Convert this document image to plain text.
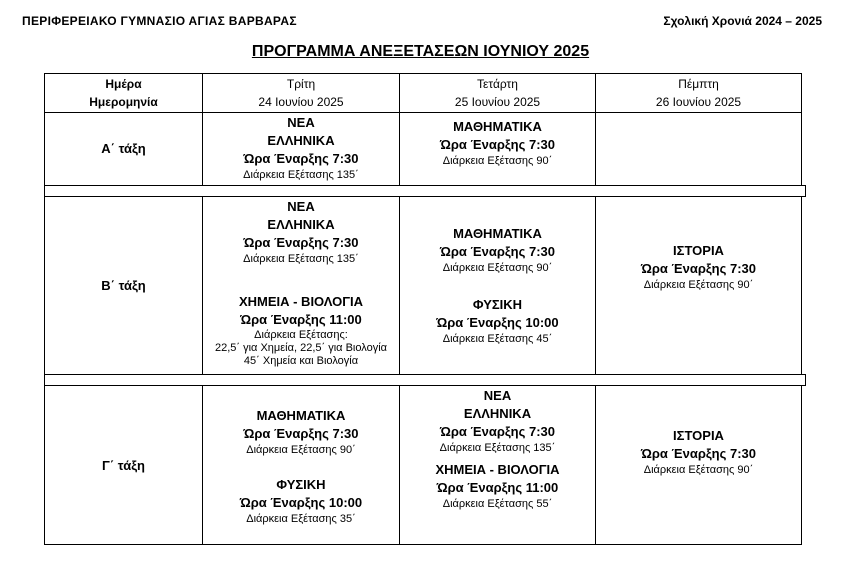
ΠΕΡΙΦΕΡΕΙΑΚΟ ΓΥΜΝΑΣΙΟ ΑΓΙΑΣ ΒΑΡΒΑΡΑΣ	Σχολική Χρονιά 2024 – 2025
ΠΡΟΓΡΑΜΜΑ ΑΝΕΞΕΤΑΣΕΩΝ ΙΟΥΝΙΟΥ 2025
Ημέρα
Ημερομηνία
Τρίτη
24 Ιουνίου 2025
Τετάρτη
25 Ιουνίου 2025
Πέμπτη
26 Ιουνίου 2025
Α΄ τάξη
ΝΕΑ
ΕΛΛΗΝΙΚΑ
Ώρα Έναρξης 7:30
Διάρκεια Εξέτασης 135΄
ΜΑΘΗΜΑΤΙΚΑ
Ώρα Έναρξης 7:30
Διάρκεια Εξέτασης 90΄
Β΄ τάξη
ΝΕΑ
ΕΛΛΗΝΙΚΑ
Ώρα Έναρξης 7:30
Διάρκεια Εξέτασης 135΄
ΧΗΜΕΙΑ - ΒΙΟΛΟΓΙΑ
Ώρα Έναρξης 11:00
Διάρκεια Εξέτασης:
22,5΄ για Χημεία, 22,5΄ για Βιολογία
45΄ Χημεία και Βιολογία
ΜΑΘΗΜΑΤΙΚΑ
Ώρα Έναρξης 7:30
Διάρκεια Εξέτασης 90΄
ΦΥΣΙΚΗ
Ώρα Έναρξης 10:00
Διάρκεια Εξέτασης 45΄
ΙΣΤΟΡΙΑ
Ώρα Έναρξης 7:30
Διάρκεια Εξέτασης 90΄
Γ΄ τάξη
ΜΑΘΗΜΑΤΙΚΑ
Ώρα Έναρξης 7:30
Διάρκεια Εξέτασης 90΄
ΦΥΣΙΚΗ
Ώρα Έναρξης 10:00
Διάρκεια Εξέτασης 35΄
ΝΕΑ
ΕΛΛΗΝΙΚΑ
Ώρα Έναρξης 7:30
Διάρκεια Εξέτασης 135΄
ΧΗΜΕΙΑ - ΒΙΟΛΟΓΙΑ
Ώρα Έναρξης 11:00
Διάρκεια Εξέτασης 55΄
ΙΣΤΟΡΙΑ
Ώρα Έναρξης 7:30
Διάρκεια Εξέτασης 90΄
